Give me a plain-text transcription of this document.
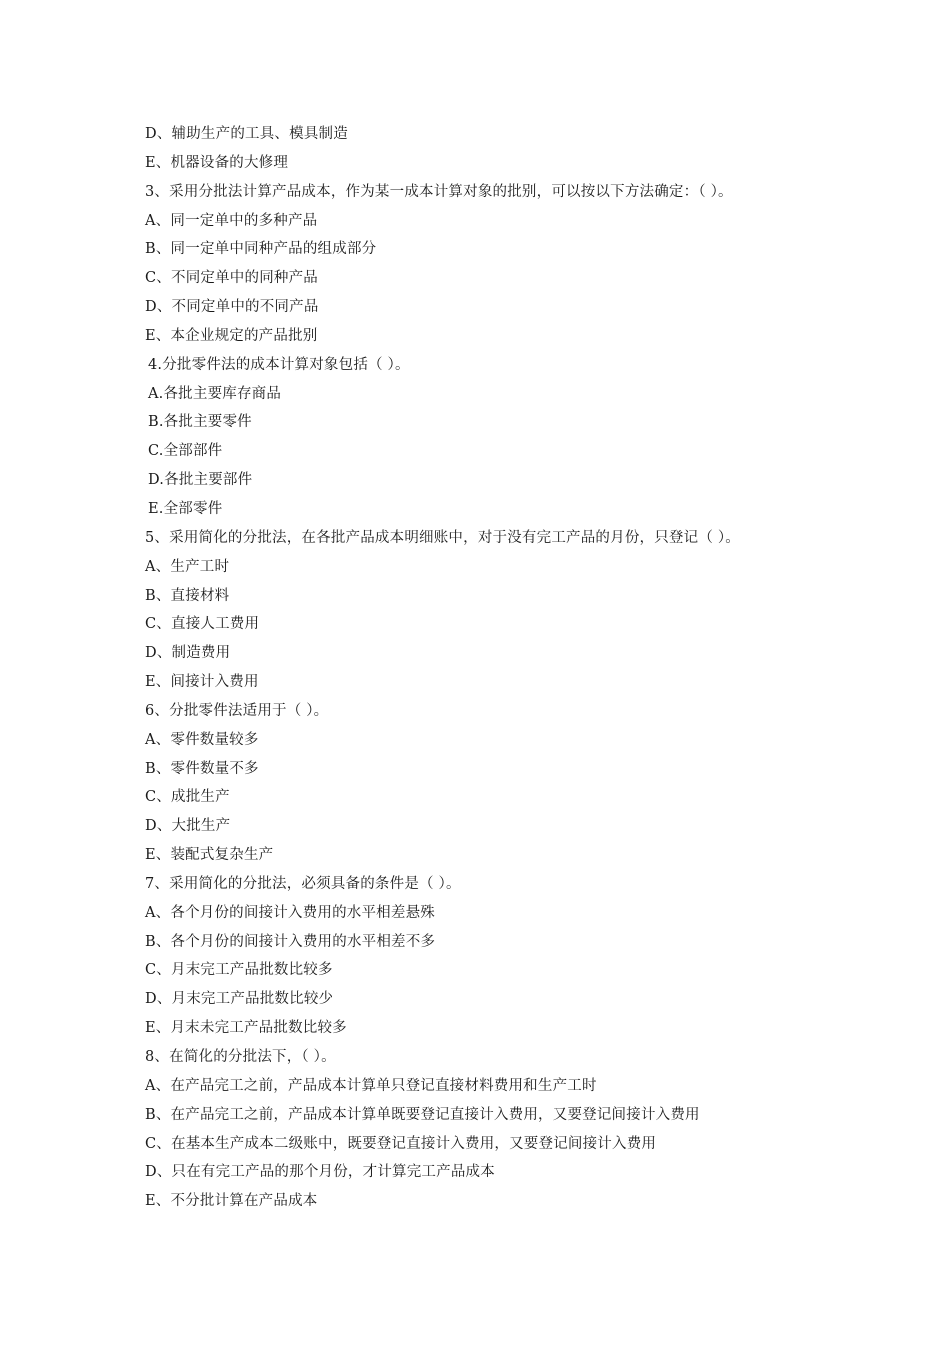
D、辅助生产的工具、模具制造
E、机器设备的大修理
3、采用分批法计算产品成本，作为某一成本计算对象的批别，可以按以下方法确定：（ ）。
A、同一定单中的多种产品
B、同一定单中同种产品的组成部分
C、不同定单中的同种产品
D、不同定单中的不同产品
E、本企业规定的产品批别
4.分批零件法的成本计算对象包括（ ）。
A.各批主要库存商品
B.各批主要零件
C.全部部件
D.各批主要部件
E.全部零件
5、采用简化的分批法，在各批产品成本明细账中，对于没有完工产品的月份，只登记（ ）。
A、生产工时
B、直接材料
C、直接人工费用
D、制造费用
E、间接计入费用
6、分批零件法适用于（ ）。
A、零件数量较多
B、零件数量不多
C、成批生产
D、大批生产
E、装配式复杂生产
7、采用简化的分批法，必须具备的条件是（ ）。
A、各个月份的间接计入费用的水平相差悬殊
B、各个月份的间接计入费用的水平相差不多
C、月末完工产品批数比较多
D、月末完工产品批数比较少
E、月末未完工产品批数比较多
8、在简化的分批法下，（ ）。
A、在产品完工之前，产品成本计算单只登记直接材料费用和生产工时
B、在产品完工之前，产品成本计算单既要登记直接计入费用，又要登记间接计入费用
C、在基本生产成本二级账中，既要登记直接计入费用，又要登记间接计入费用
D、只在有完工产品的那个月份，才计算完工产品成本
E、不分批计算在产品成本
